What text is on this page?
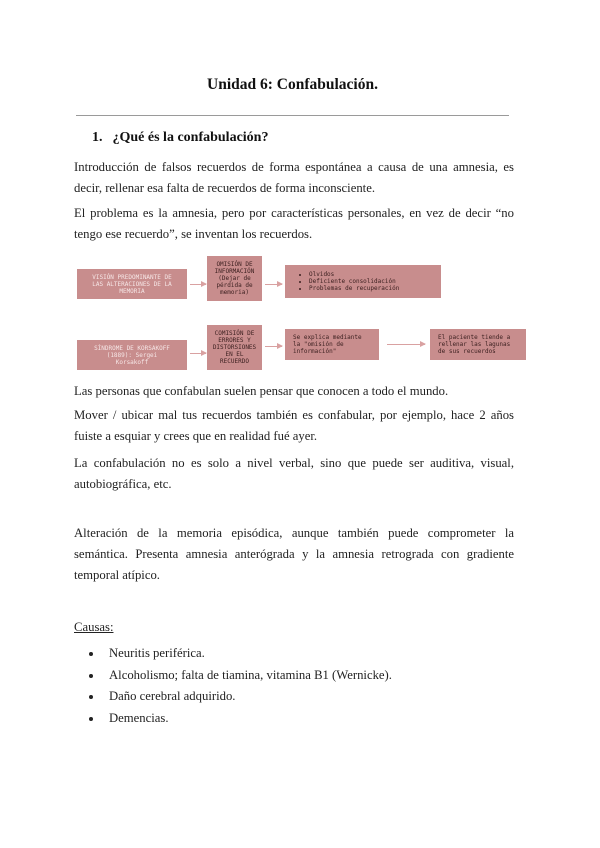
Unidad 6: Confabulación.
1. ¿Qué és la confabulación?

Introducción de falsos recuerdos de forma espontánea a causa de una amnesia, es
decir, rellenar esa falta de recuerdos de forma inconsciente.

El problema es la amnesia, pero por características personales, en vez de decir “no
tengo ese recuerdo”, se inventan los recuerdos.

VISIÓN PREDOMINANTE DE
LAS ALTERACIONES DE LA
MEMORIA
OMISIÓN DE
INFORMACIÓN
(Dejar de
pérdida de
memoria)
• Olvidos
• Deficiente consolidación
• Problemas de recuperación
SÍNDROME DE KORSAKOFF
(1889): Sergei
Korsakoff
COMISIÓN DE
ERRORES Y
DISTORSIONES
EN EL
RECUERDO
Se explica mediante
la "omisión de
información"
El paciente tiende a
rellenar las lagunas
de sus recuerdos

Las personas que confabulan suelen pensar que conocen a todo el mundo.

Mover / ubicar mal tus recuerdos también es confabular, por ejemplo, hace 2 años
fuiste a esquiar y crees que en realidad fué ayer.

La confabulación no es solo a nivel verbal, sino que puede ser auditiva, visual,
autobiográfica, etc.

Alteración de la memoria episódica, aunque también puede comprometer la
semántica. Presenta amnesia anterógrada y la amnesia retrograda con gradiente
temporal atípico.

Causas:
Neuritis periférica.
Alcoholismo; falta de tiamina, vitamina B1 (Wernicke).
Daño cerebral adquirido.
Demencias.
